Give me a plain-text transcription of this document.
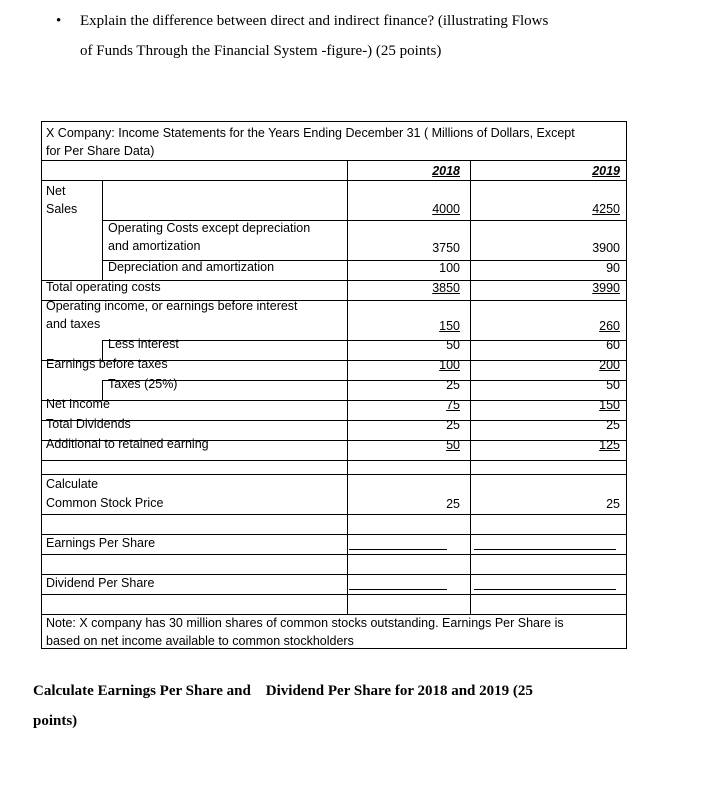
• Explain the difference between direct and indirect finance? (illustrating Flows
of Funds Through the Financial System -figure-) (25 points)
X Company: Income Statements for the Years Ending December 31 ( Millions of Dollars, Except
for Per Share Data)
2018	2019
Net
Sales	4000	4250
Operating Costs except depreciation
and amortization	3750	3900
Depreciation and amortization	100	90
Total operating costs	3850	3990
Operating income, or earnings before interest
and taxes	150	260
Less interest	50	60
Earnings before taxes	100	200
Taxes (25%)	25	50
Net Income	75	150
Total Dividends	25	25
Additional to retained earning	50	125
Calculate
Common Stock Price	25	25
Earnings Per Share
Dividend Per Share
Note: X company has 30 million shares of common stocks outstanding. Earnings Per Share is
based on net income available to common stockholders
Calculate Earnings Per Share and    Dividend Per Share for 2018 and 2019 (25
points)
